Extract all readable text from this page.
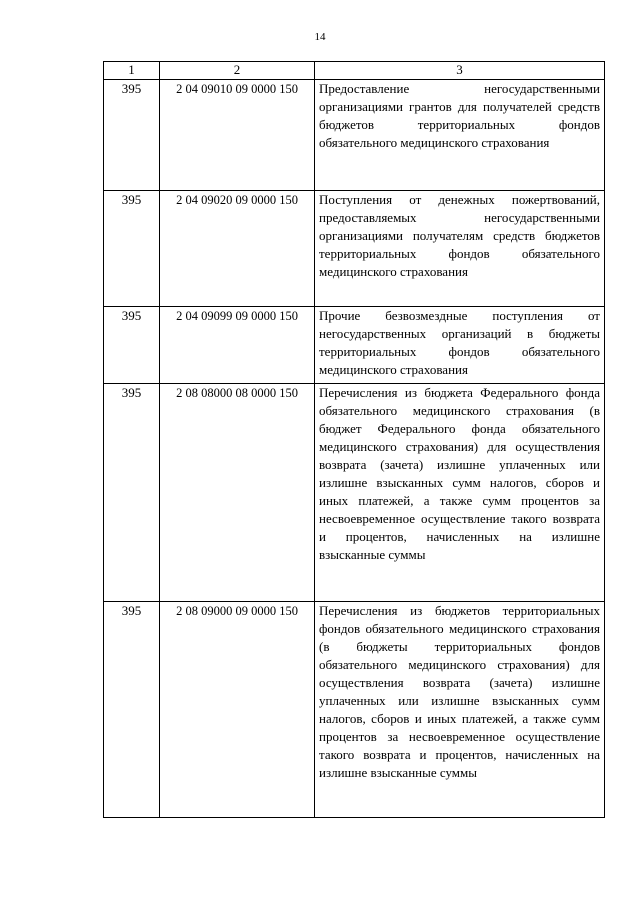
14
1	2	3
395	2 04 09010 09 0000 150	Предоставление негосударственными организациями грантов для получателей средств бюджетов территориальных фондов обязательного медицинского страхования
395	2 04 09020 09 0000 150	Поступления от денежных пожертвований, предоставляемых негосударственными организациями получателям средств бюджетов территориальных фондов обязательного медицинского страхования
395	2 04 09099 09 0000 150	Прочие безвозмездные поступления от негосударственных организаций в бюджеты территориальных фондов обязательного медицинского страхования
395	2 08 08000 08 0000 150	Перечисления из бюджета Федерального фонда обязательного медицинского страхования (в бюджет Федерального фонда обязательного медицинского страхования) для осуществления возврата (зачета) излишне уплаченных или излишне взысканных сумм налогов, сборов и иных платежей, а также сумм процентов за несвоевременное осуществление такого возврата и процентов, начисленных на излишне взысканные суммы
395	2 08 09000 09 0000 150	Перечисления из бюджетов территориальных фондов обязательного медицинского страхования (в бюджеты территориальных фондов обязательного медицинского страхования) для осуществления возврата (зачета) излишне уплаченных или излишне взысканных сумм налогов, сборов и иных платежей, а также сумм процентов за несвоевременное осуществление такого возврата и процентов, начисленных на излишне взысканные суммы
